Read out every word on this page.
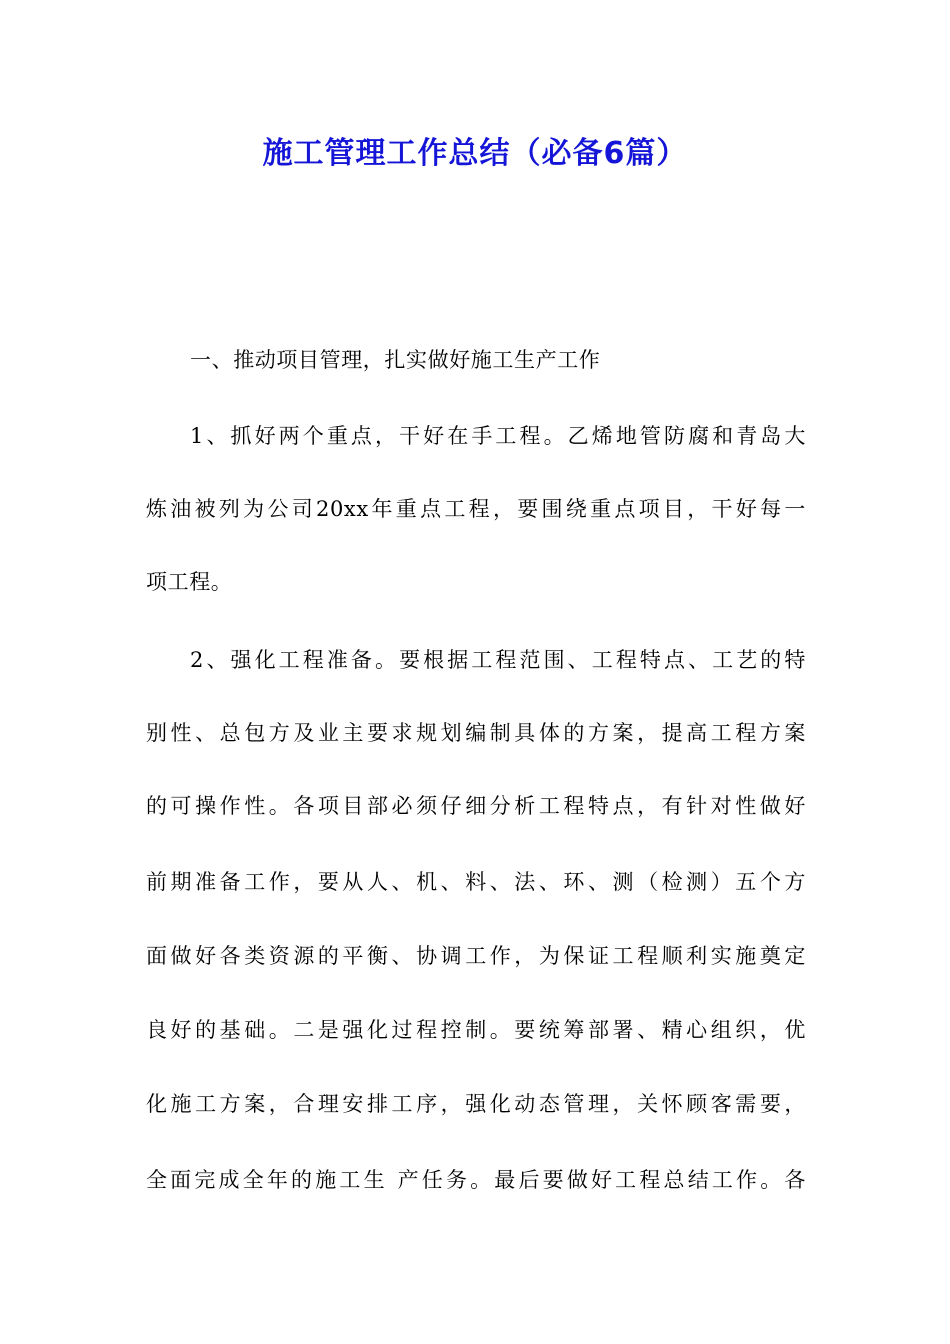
施工管理工作总结（必备6篇）
一、推动项目管理，扎实做好施工生产工作
1、抓好两个重点，干好在手工程。乙烯地管防腐和青岛大
炼油被列为公司20xx年重点工程，要围绕重点项目，干好每一
项工程。
2、强化工程准备。要根据工程范围、工程特点、工艺的特
别性、总包方及业主要求规划编制具体的方案，提高工程方案
的可操作性。各项目部必须仔细分析工程特点，有针对性做好
前期准备工作，要从人、机、料、法、环、测（检测）五个方
面做好各类资源的平衡、协调工作，为保证工程顺利实施奠定
良好的基础。二是强化过程控制。要统筹部署、精心组织，优
化施工方案，合理安排工序，强化动态管理，关怀顾客需要，
全面完成全年的施工生 产任务。最后要做好工程总结工作。各
